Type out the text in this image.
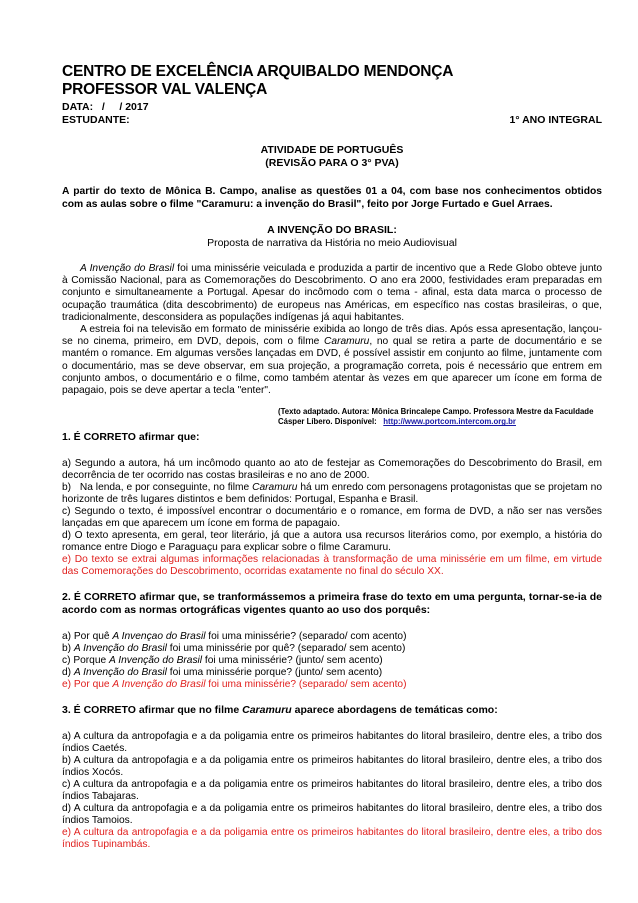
CENTRO DE EXCELÊNCIA ARQUIBALDO MENDONÇA
PROFESSOR VAL VALENÇA
DATA:   /     / 2017
ESTUDANTE:	1° ANO INTEGRAL
ATIVIDADE DE PORTUGUÊS
(REVISÃO PARA O 3° PVA)
A partir do texto de Mônica B. Campo, analise as questões 01 a 04, com base nos conhecimentos obtidos com as aulas sobre o filme "Caramuru: a invenção do Brasil", feito por Jorge Furtado e Guel Arraes.
A INVENÇÃO DO BRASIL:
Proposta de narrativa da História no meio Audiovisual

A Invenção do Brasil foi uma minissérie veiculada e produzida a partir de incentivo que a Rede Globo obteve junto à Comissão Nacional, para as Comemorações do Descobrimento. O ano era 2000, festividades eram preparadas em conjunto e simultaneamente a Portugal. Apesar do incômodo com o tema - afinal, esta data marca o processo de ocupação traumática (dita descobrimento) de europeus nas Américas, em específico nas costas brasileiras, o que, tradicionalmente, desconsidera as populações indígenas já aqui habitantes.

A estreia foi na televisão em formato de minissérie exibida ao longo de três dias. Após essa apresentação, lançou-se no cinema, primeiro, em DVD, depois, com o filme Caramuru, no qual se retira a parte de documentário e se mantém o romance. Em algumas versões lançadas em DVD, é possível assistir em conjunto ao filme, juntamente com o documentário, mas se deve observar, em sua projeção, a programação correta, pois é necessário que entrem em conjunto ambos, o documentário e o filme, como também atentar às vezes em que aparecer um ícone em forma de papagaio, pois se deve apertar a tecla "enter".

(Texto adaptado. Autora: Mônica Brincalepe Campo. Professora Mestre da Faculdade
Cásper Líbero. Disponível:   http://www.portcom.intercom.org.br
1. É CORRETO afirmar que:
a) Segundo a autora, há um incômodo quanto ao ato de festejar as Comemorações do Descobrimento do Brasil, em decorrência de ter ocorrido nas costas brasileiras e no ano de 2000.
b)   Na lenda, e por conseguinte, no filme Caramuru há um enredo com personagens protagonistas que se projetam no horizonte de três lugares distintos e bem definidos: Portugal, Espanha e Brasil.
c) Segundo o texto, é impossível encontrar o documentário e o romance, em forma de DVD, a não ser nas versões lançadas em que aparecem um ícone em forma de papagaio.
d) O texto apresenta, em geral, teor literário, já que a autora usa recursos literários como, por exemplo, a história do romance entre Diogo e Paraguaçu para explicar sobre o filme Caramuru.
e) Do texto se extrai algumas informações relacionadas à transformação de uma minissérie em um filme, em virtude das Comemorações do Descobrimento, ocorridas exatamente no final do século XX.
2. É CORRETO afirmar que, se tranformássemos a primeira frase do texto em uma pergunta, tornar-se-ia de acordo com as normas ortográficas vigentes quanto ao uso dos porquês:
a) Por quê A Invençao do Brasil foi uma minissérie? (separado/ com acento)
b) A Invenção do Brasil foi uma minissérie por quê? (separado/ sem acento)
c) Porque A Invenção do Brasil foi uma minissérie? (junto/ sem acento)
d) A Invenção do Brasil foi uma minissérie porque? (junto/ sem acento)
e) Por que A Invenção do Brasil foi uma minissérie? (separado/ sem acento)
3. É CORRETO afirmar que no filme Caramuru aparece abordagens de temáticas como:
a) A cultura da antropofagia e a da poligamia entre os primeiros habitantes do litoral brasileiro, dentre eles, a tribo dos índios Caetés.
b) A cultura da antropofagia e a da poligamia entre os primeiros habitantes do litoral brasileiro, dentre eles, a tribo dos índios Xocós.
c) A cultura da antropofagia e a da poligamia entre os primeiros habitantes do litoral brasileiro, dentre eles, a tribo dos índios Tabajaras.
d) A cultura da antropofagia e a da poligamia entre os primeiros habitantes do litoral brasileiro, dentre eles, a tribo dos índios Tamoios.
e) A cultura da antropofagia e a da poligamia entre os primeiros habitantes do litoral brasileiro, dentre eles, a tribo dos índios Tupinambás.
